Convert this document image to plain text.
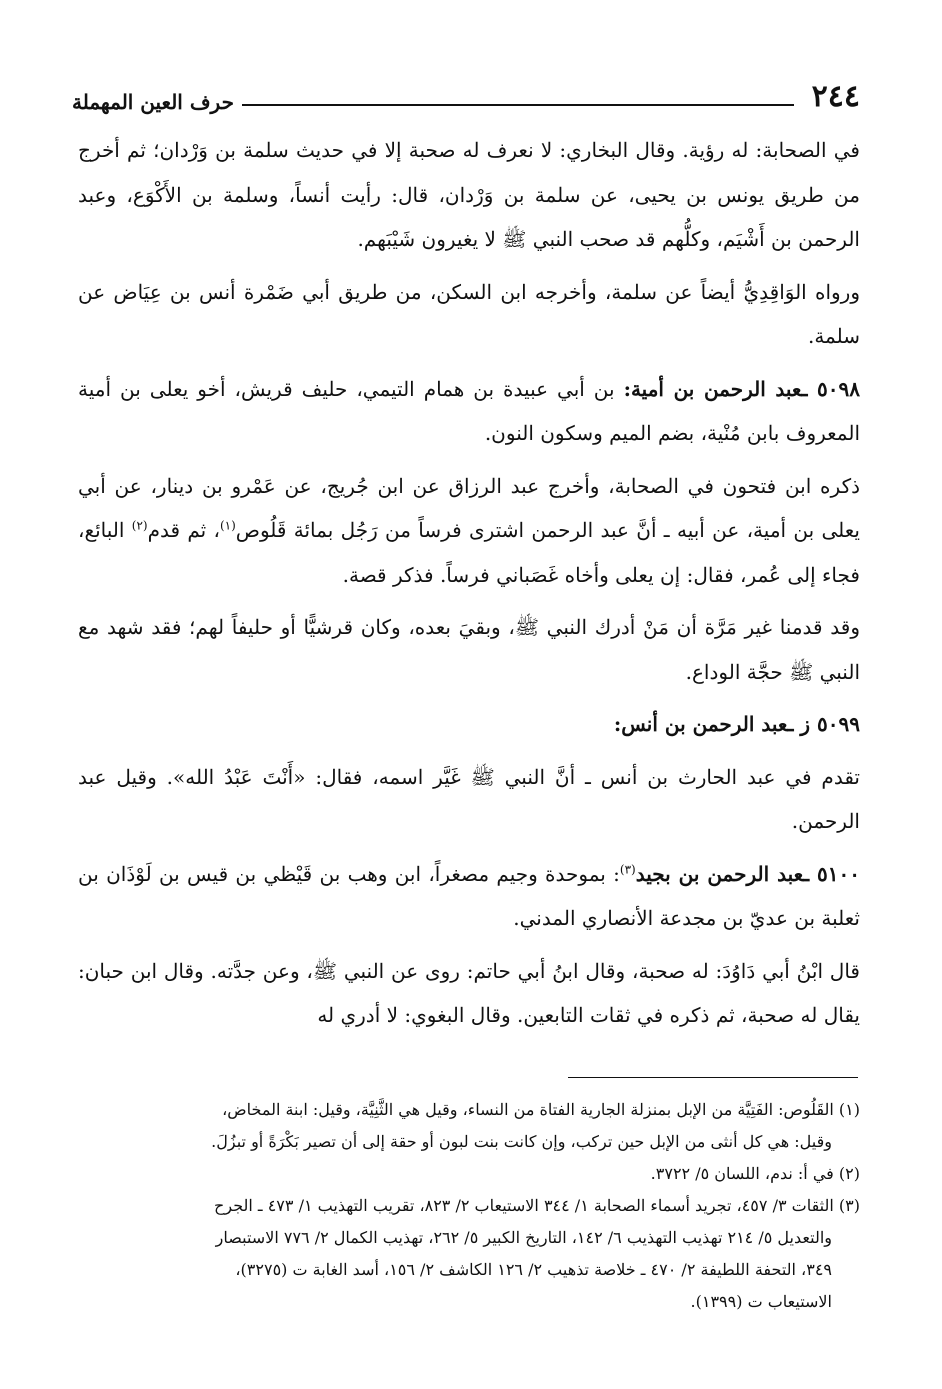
٢٤٤
حرف العين المهملة

في الصحابة: له رؤية. وقال البخاري: لا نعرف له صحبة إلا في حديث سلمة بن وَرْدان؛ ثم أخرج من طريق يونس بن يحيى، عن سلمة بن وَرْدان، قال: رأيت أنساً، وسلمة بن الأَكْوَع، وعبد الرحمن بن أَشْيَم، وكلُّهم قد صحب النبي ﷺ لا يغيرون شَيْبَهم.

ورواه الوَاقِدِيُّ أيضاً عن سلمة، وأخرجه ابن السكن، من طريق أبي ضَمْرة أنس بن عِيَاض عن سلمة.

٥٠٩٨ ـعبد الرحمن بن أمية: بن أبي عبيدة بن همام التيمي، حليف قريش، أخو يعلى بن أمية المعروف بابن مُنْية، بضم الميم وسكون النون.

ذكره ابن فتحون في الصحابة، وأخرج عبد الرزاق عن ابن جُريج، عن عَمْرو بن دينار، عن أبي يعلى بن أمية، عن أبيه ـ أنَّ عبد الرحمن اشترى فرساً من رَجُل بمائة قَلُوص$^{(١)}$، ثم قدم$^{(٢)}$ البائع، فجاء إلى عُمر، فقال: إن يعلى وأخاه غَصَباني فرساً. فذكر قصة.

وقد قدمنا غير مَرَّة أن مَنْ أدرك النبي ﷺ، وبقيَ بعده، وكان قرشيًّا أو حليفاً لهم؛ فقد شهد مع النبي ﷺ حجَّة الوداع.

٥٠٩٩ ز ـعبد الرحمن بن أنس:

تقدم في عبد الحارث بن أنس ـ أنَّ النبي ﷺ غَيَّر اسمه، فقال: «أَنْتَ عَبْدُ الله». وقيل عبد الرحمن.

٥١٠٠ ـعبد الرحمن بن بجيد$^{(٣)}$: بموحدة وجيم مصغراً، ابن وهب بن قَيْظي بن قيس بن لَوْذَان بن ثعلبة بن عديّ بن مجدعة الأنصاري المدني.

قال ابْنُ أبي دَاوُدَ: له صحبة، وقال ابنُ أبي حاتم: روى عن النبي ﷺ، وعن جدَّته. وقال ابن حبان: يقال له صحبة، ثم ذكره في ثقات التابعين. وقال البغوي: لا أدري له

(١) القَلُوص: الفَتِيَّة من الإبل بمنزلة الجارية الفتاة من النساء، وقيل هي الثَّنِيَّة، وقيل: ابنة المخاض،

وقيل: هي كل أنثى من الإبل حين تركب، وإن كانت بنت لبون أو حقة إلى أن تصير بَكْرَةً أو تبزُلَ.

(٢) في أ: ندم، اللسان ٥/ ٣٧٢٢.

(٣) الثقات ٣/ ٤٥٧، تجريد أسماء الصحابة ١/ ٣٤٤ الاستيعاب ٢/ ٨٢٣، تقريب التهذيب ١/ ٤٧٣ ـ الجرح

والتعديل ٥/ ٢١٤ تهذيب التهذيب ٦/ ١٤٢، التاريخ الكبير ٥/ ٢٦٢، تهذيب الكمال ٢/ ٧٧٦ الاستبصار

٣٤٩، التحفة اللطيفة ٢/ ٤٧٠ ـ خلاصة تذهيب ٢/ ١٢٦ الكاشف ٢/ ١٥٦، أسد الغابة ت (٣٢٧٥)،

الاستيعاب ت (١٣٩٩).
